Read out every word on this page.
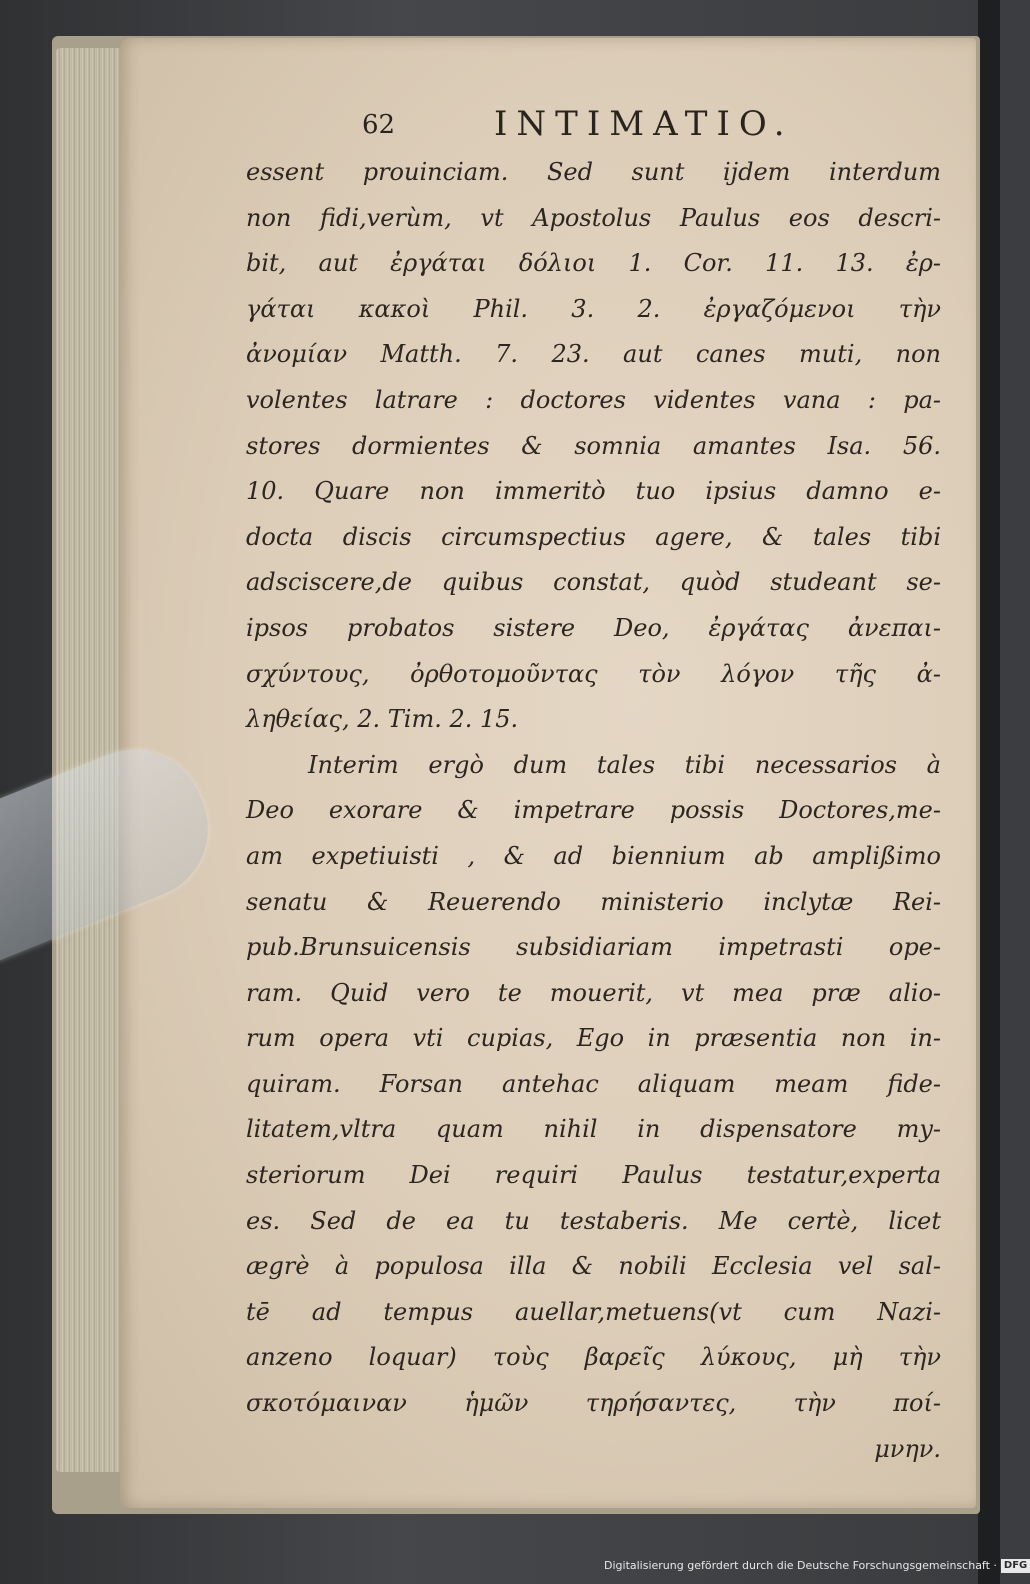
62	INTIMATIO.
essent prouinciam. Sed sunt ijdem interdum
non fidi,verùm, vt Apostolus Paulus eos descri-
bit, aut ἐργάται δόλιοι 1. Cor. 11. 13. ἐρ-
γάται κακοὶ Phil. 3. 2. ἐργαζόμενοι τὴν
ἀνομίαν Matth. 7. 23. aut canes muti, non
volentes latrare : doctores videntes vana : pa-
stores dormientes & somnia amantes Isa. 56.
10. Quare non immeritò tuo ipsius damno e-
docta discis circumspectius agere, & tales tibi
adsciscere,de quibus constat, quòd studeant se-
ipsos probatos sistere Deo, ἐργάτας ἀνεπαι-
σχύντους, ὀρθοτομοῦντας τὸν λόγον τῆς ἀ-
ληθείας, 2. Tim. 2. 15.
Interim ergò dum tales tibi necessarios à
Deo exorare & impetrare possis Doctores,me-
am expetiuisti , & ad biennium ab amplißimo
senatu & Reuerendo ministerio inclytæ Rei-
pub.Brunsuicensis subsidiariam impetrasti ope-
ram. Quid vero te mouerit, vt mea præ alio-
rum opera vti cupias, Ego in præsentia non in-
quiram. Forsan antehac aliquam meam fide-
litatem,vltra quam nihil in dispensatore my-
steriorum Dei requiri Paulus testatur,experta
es. Sed de ea tu testaberis. Me certè, licet
ægrè à populosa illa & nobili Ecclesia vel sal-
tē ad tempus auellar,metuens(vt cum Nazi-
anzeno loquar) τοὺς βαρεῖς λύκους, μὴ τὴν
σκοτόμαιναν ἡμῶν τηρήσαντες, τὴν ποί-
μνην.
Digitalisierung gefördert durch die Deutsche Forschungsgemeinschaft · DFG
